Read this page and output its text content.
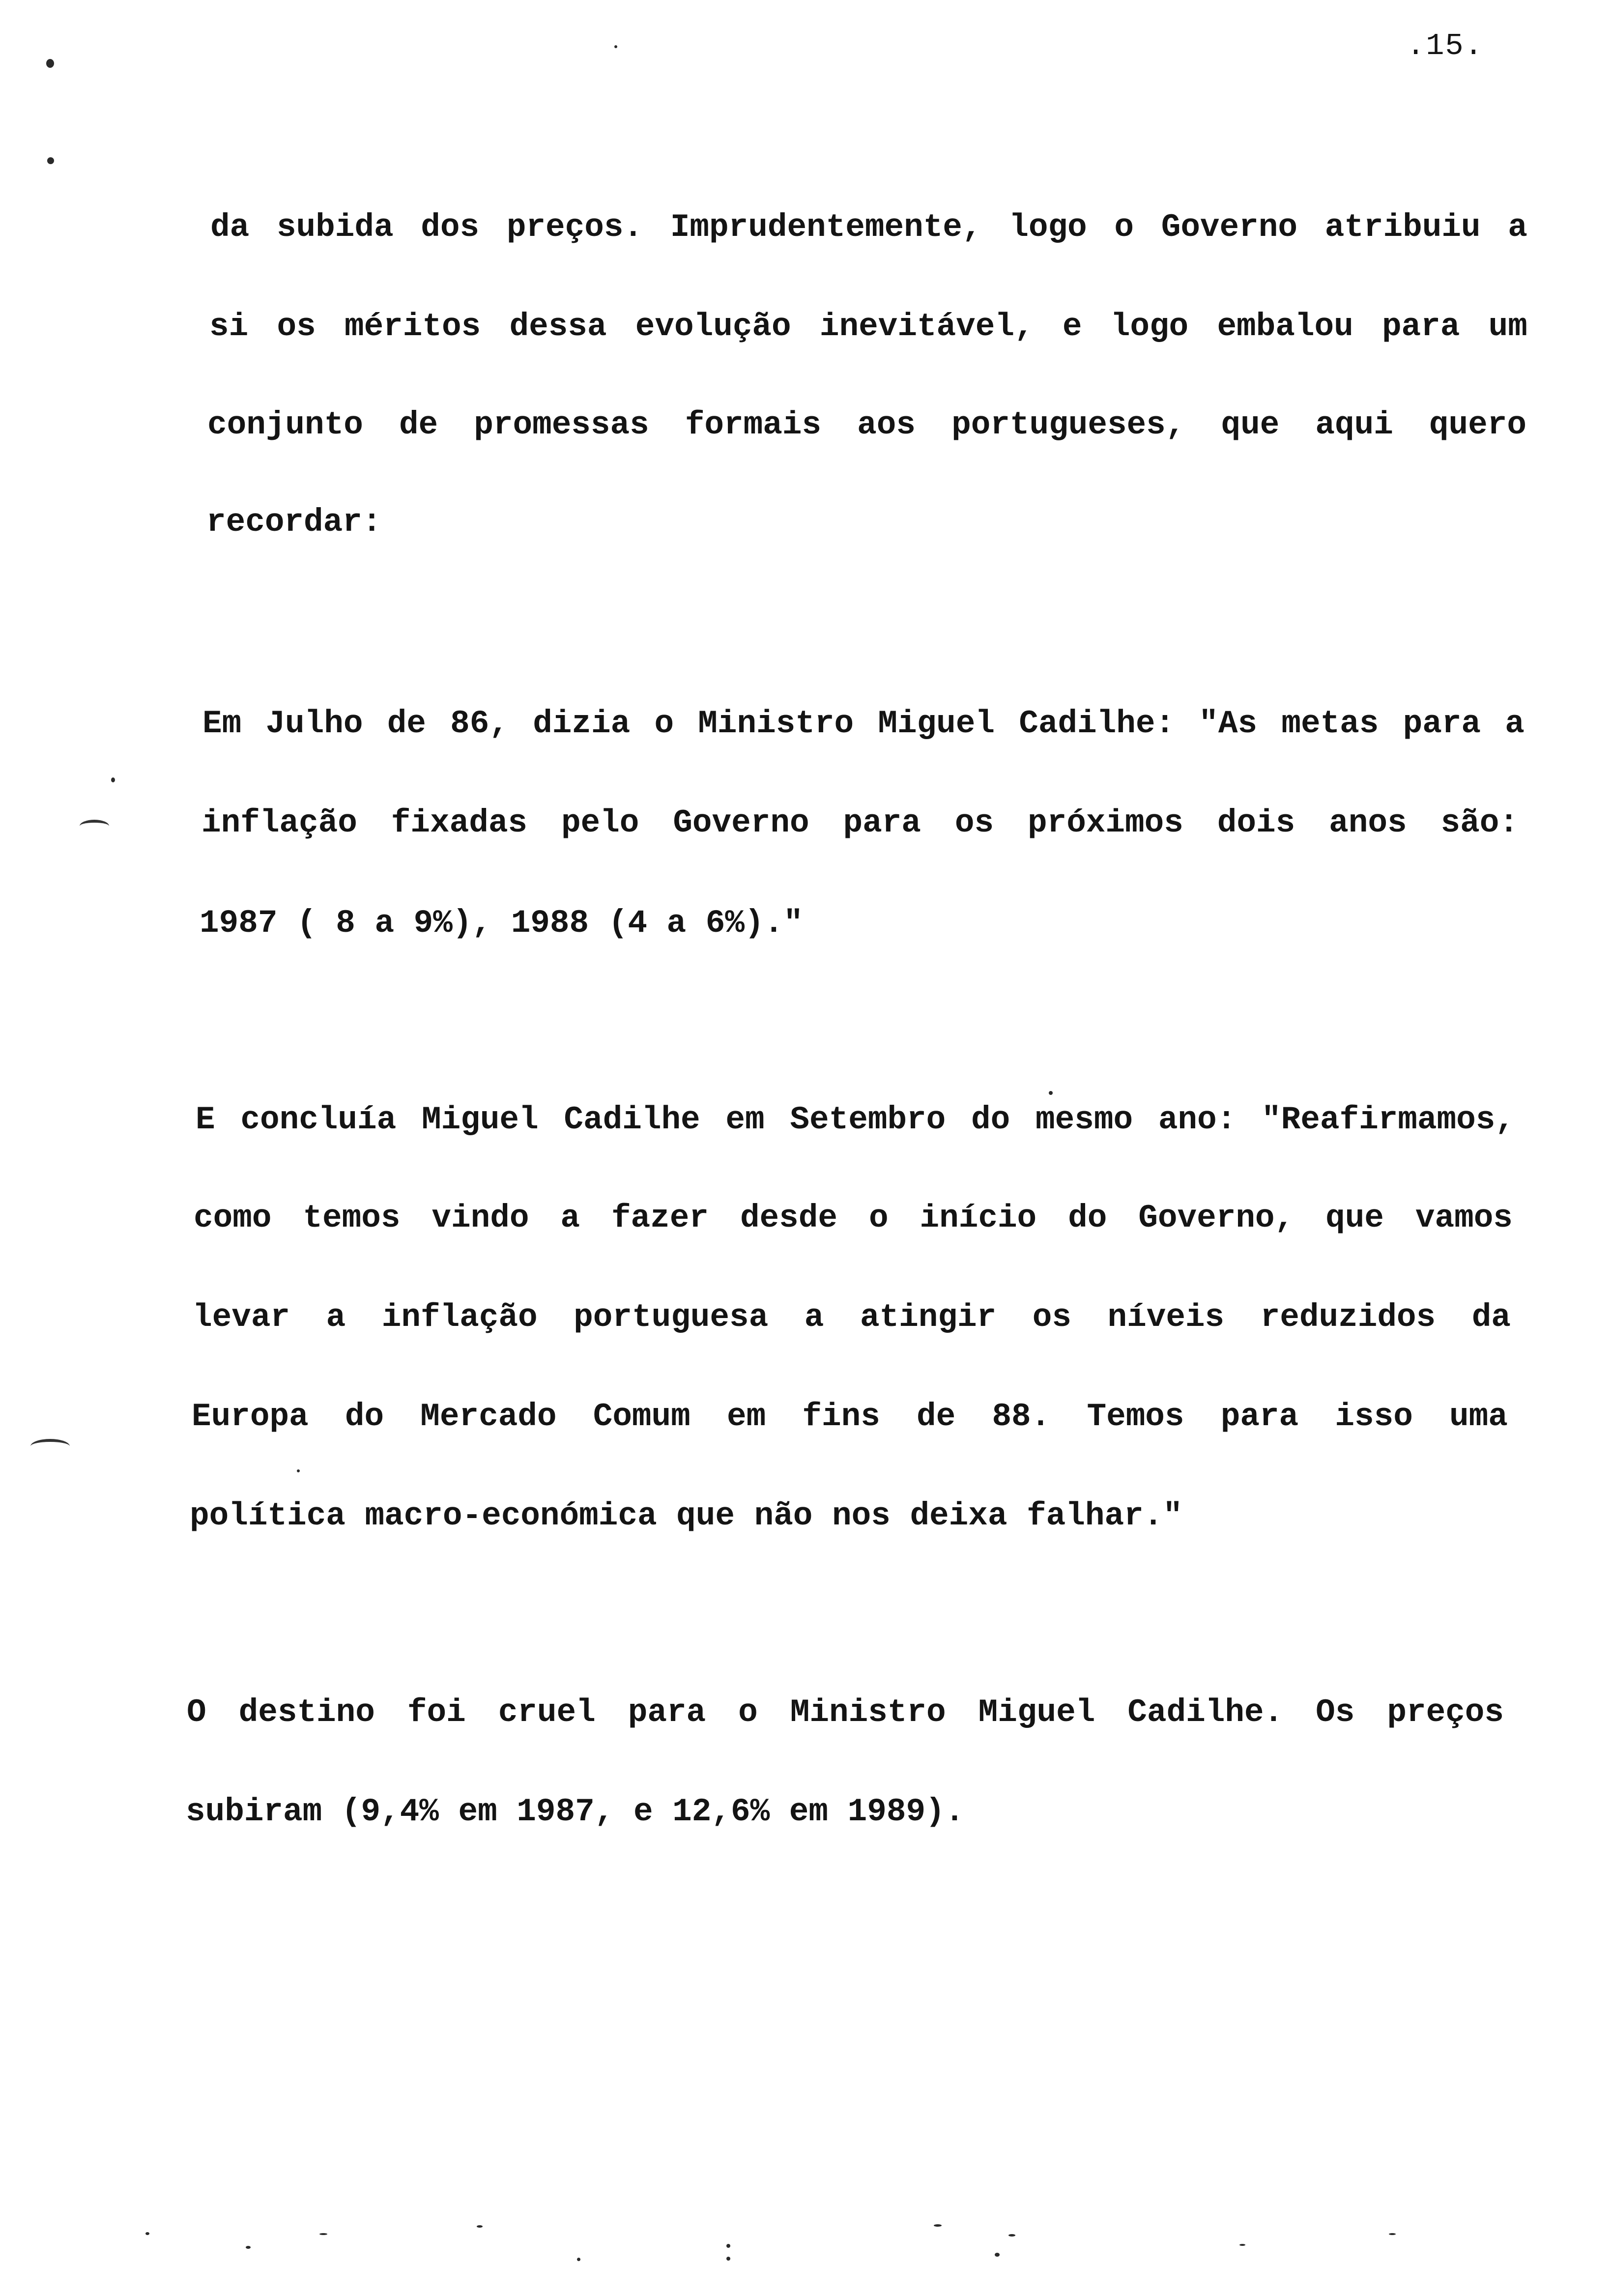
.15.
da subida dos preços. Imprudentemente, logo o Governo atribuiu a
si os méritos dessa evolução inevitável, e logo embalou para um
conjunto de promessas formais aos portugueses, que aqui quero
recordar:
Em Julho de 86, dizia o Ministro Miguel Cadilhe: "As metas para a
inflação fixadas pelo Governo para os próximos dois anos são:
1987 ( 8 a 9%), 1988 (4 a 6%)."
E concluía Miguel Cadilhe em Setembro do mesmo ano: "Reafirmamos,
como temos vindo a fazer desde o início do Governo, que vamos
levar a inflação portuguesa a atingir os níveis reduzidos da
Europa do Mercado Comum em fins de 88. Temos para isso uma
política macro-económica que não nos deixa falhar."
O destino foi cruel para o Ministro Miguel Cadilhe. Os preços
subiram (9,4% em 1987, e 12,6% em 1989).
